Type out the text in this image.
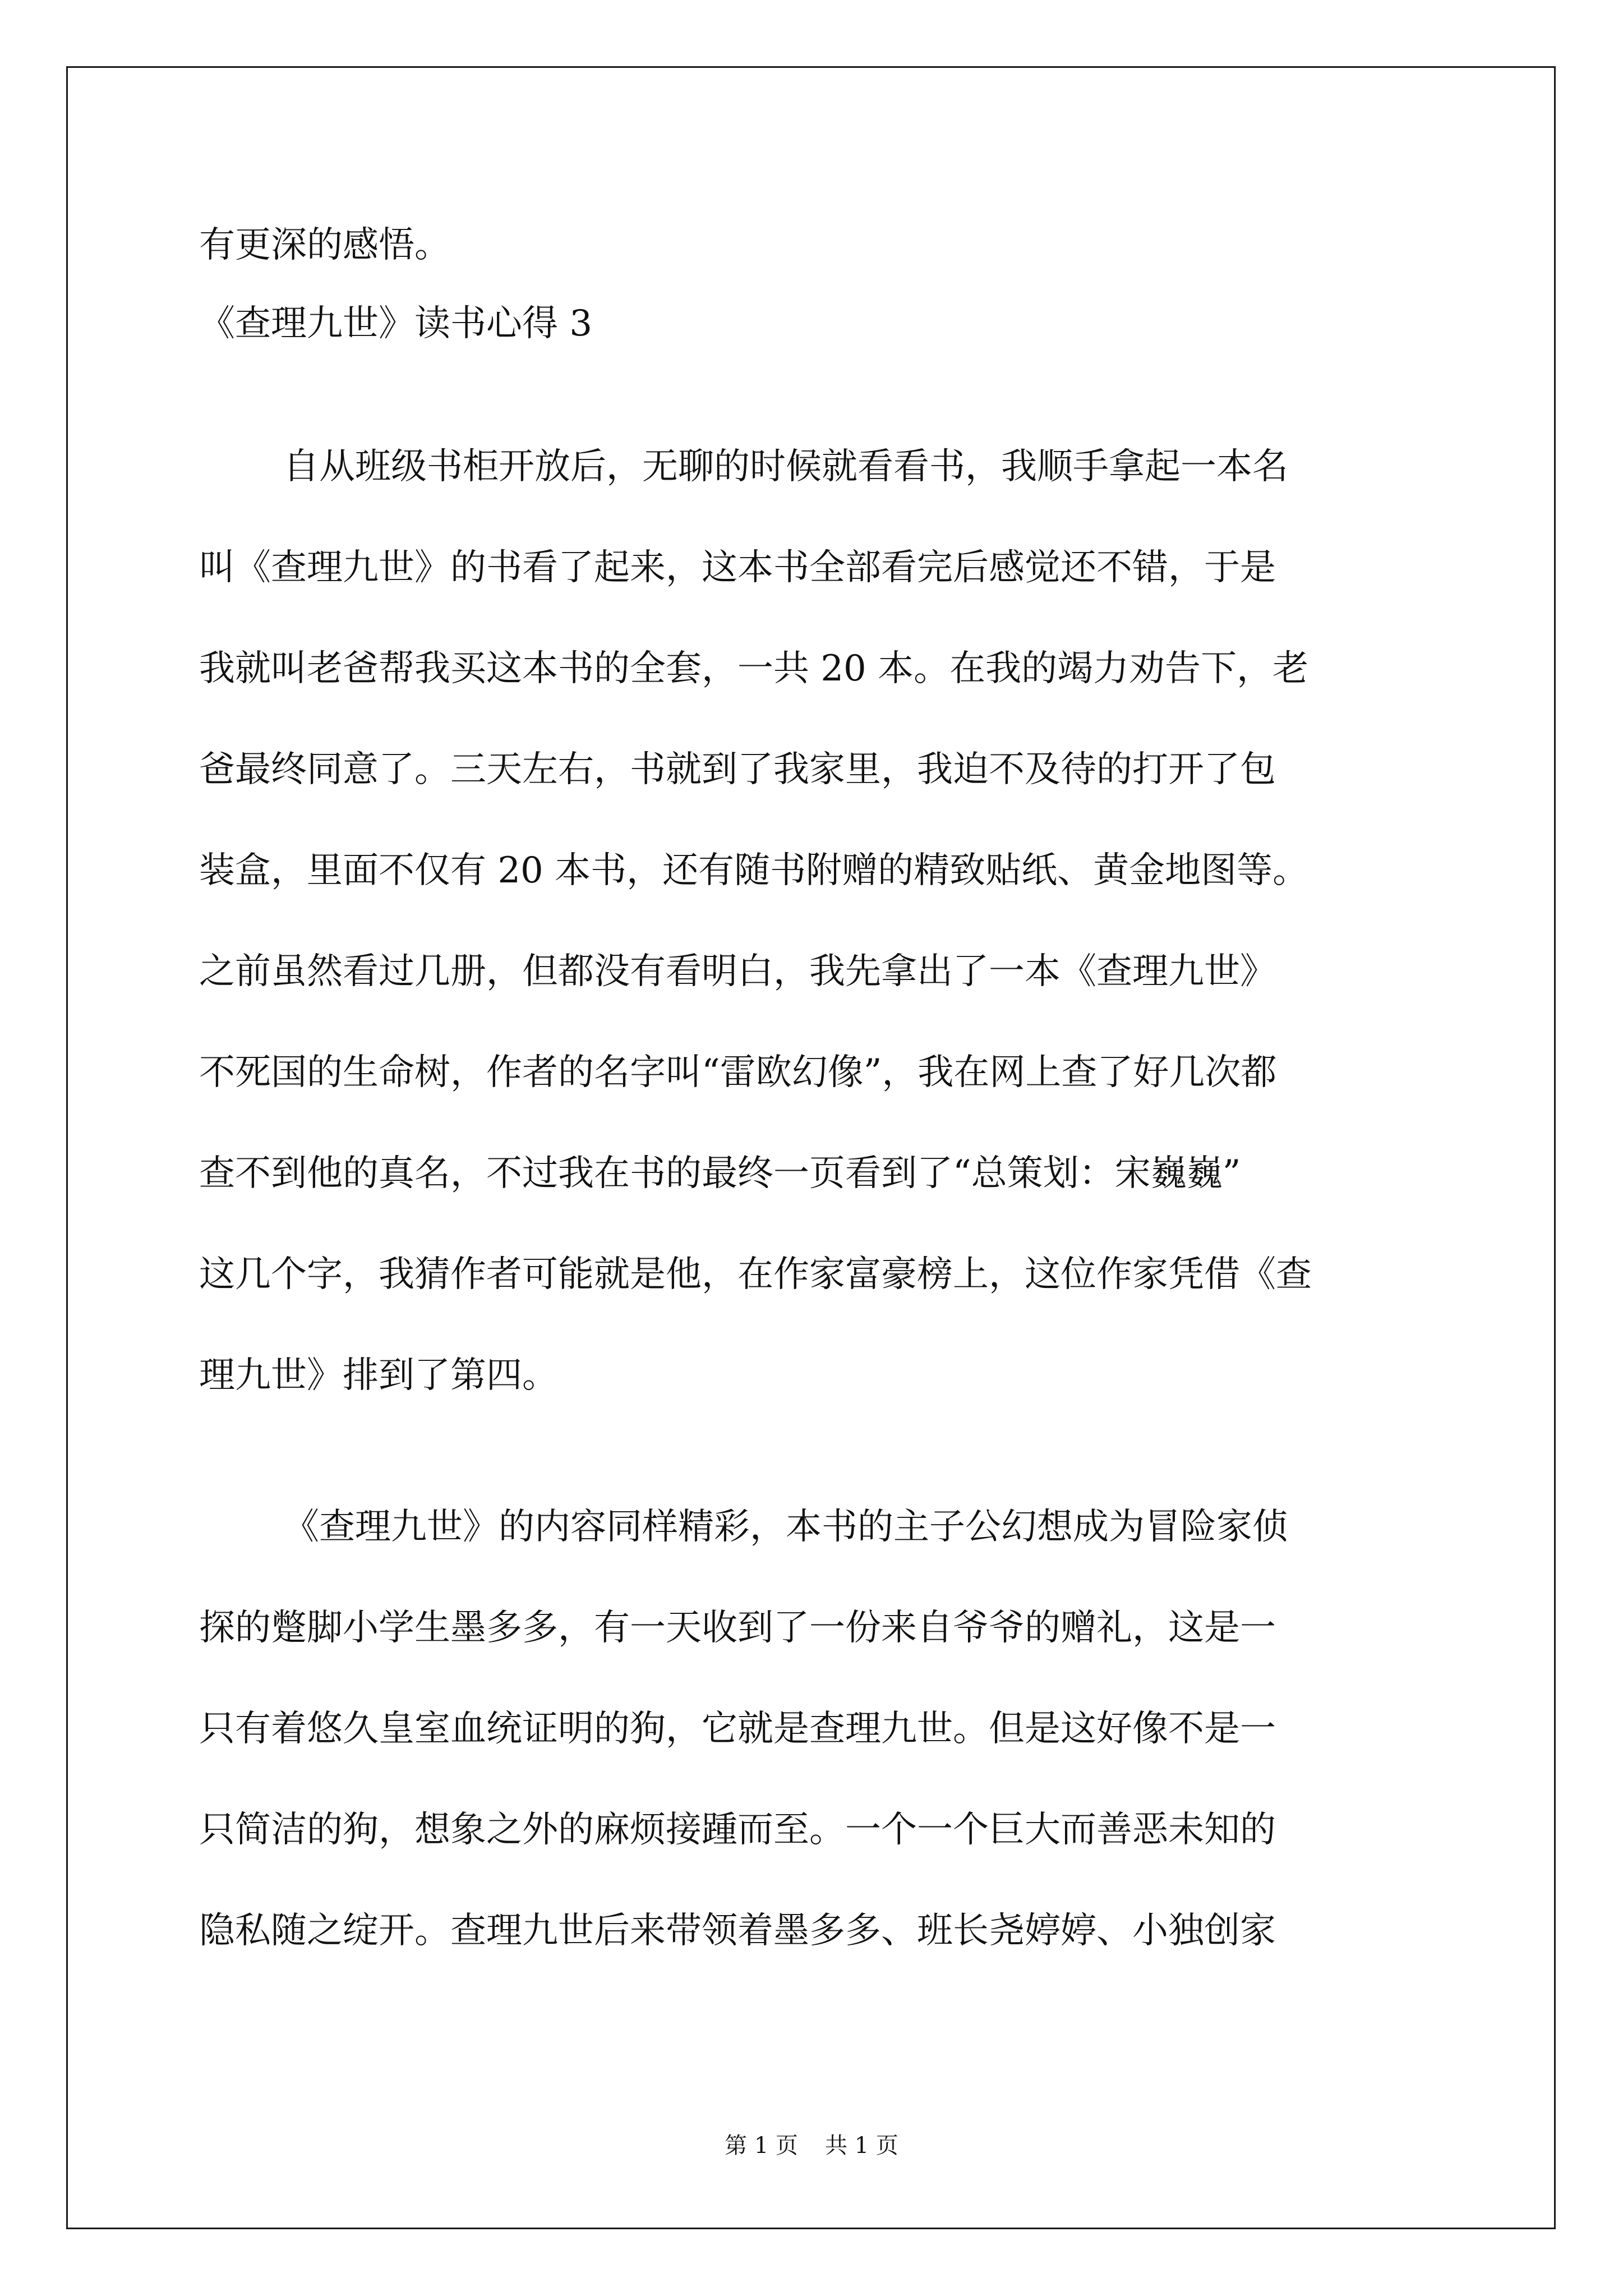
有更深的感悟。

《查理九世》读书心得 3

自从班级书柜开放后，无聊的时候就看看书，我顺手拿起一本名

叫《查理九世》的书看了起来，这本书全部看完后感觉还不错，于是

我就叫老爸帮我买这本书的全套，一共 20 本。在我的竭力劝告下，老

爸最终同意了。三天左右，书就到了我家里，我迫不及待的打开了包

装盒，里面不仅有 20 本书，还有随书附赠的精致贴纸、黄金地图等。

之前虽然看过几册，但都没有看明白，我先拿出了一本《查理九世》

不死国的生命树，作者的名字叫“雷欧幻像”，我在网上查了好几次都

查不到他的真名，不过我在书的最终一页看到了“总策划：宋巍巍”

这几个字，我猜作者可能就是他，在作家富豪榜上，这位作家凭借《查

理九世》排到了第四。

《查理九世》的内容同样精彩，本书的主子公幻想成为冒险家侦

探的蹩脚小学生墨多多，有一天收到了一份来自爷爷的赠礼，这是一

只有着悠久皇室血统证明的狗，它就是查理九世。但是这好像不是一

只简洁的狗，想象之外的麻烦接踵而至。一个一个巨大而善恶未知的

隐私随之绽开。查理九世后来带领着墨多多、班长尧婷婷、小独创家

第 1 页 共 1 页
